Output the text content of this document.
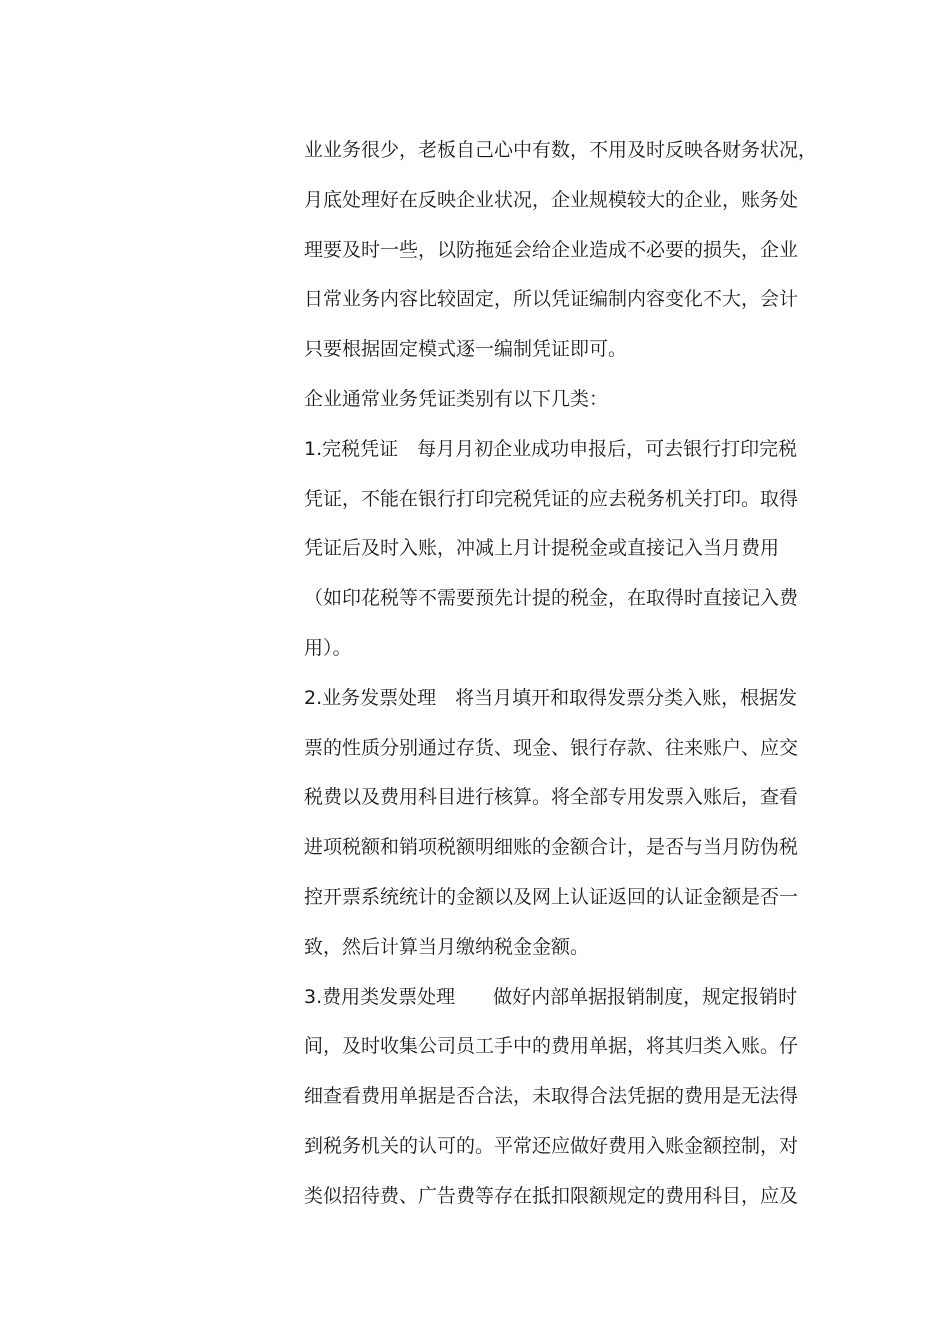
业业务很少，老板自己心中有数，不用及时反映各财务状况，
月底处理好在反映企业状况，企业规模较大的企业，账务处
理要及时一些，以防拖延会给企业造成不必要的损失，企业
日常业务内容比较固定，所以凭证编制内容变化不大，会计
只要根据固定模式逐一编制凭证即可。
企业通常业务凭证类别有以下几类：
1.完税凭证　每月月初企业成功申报后，可去银行打印完税
凭证，不能在银行打印完税凭证的应去税务机关打印。取得
凭证后及时入账，冲减上月计提税金或直接记入当月费用
（如印花税等不需要预先计提的税金，在取得时直接记入费
用）。
2.业务发票处理　将当月填开和取得发票分类入账，根据发
票的性质分别通过存货、现金、银行存款、往来账户、应交
税费以及费用科目进行核算。将全部专用发票入账后，查看
进项税额和销项税额明细账的金额合计，是否与当月防伪税
控开票系统统计的金额以及网上认证返回的认证金额是否一
致，然后计算当月缴纳税金金额。
3.费用类发票处理　　做好内部单据报销制度，规定报销时
间，及时收集公司员工手中的费用单据，将其归类入账。仔
细查看费用单据是否合法，未取得合法凭据的费用是无法得
到税务机关的认可的。平常还应做好费用入账金额控制，对
类似招待费、广告费等存在抵扣限额规定的费用科目，应及
